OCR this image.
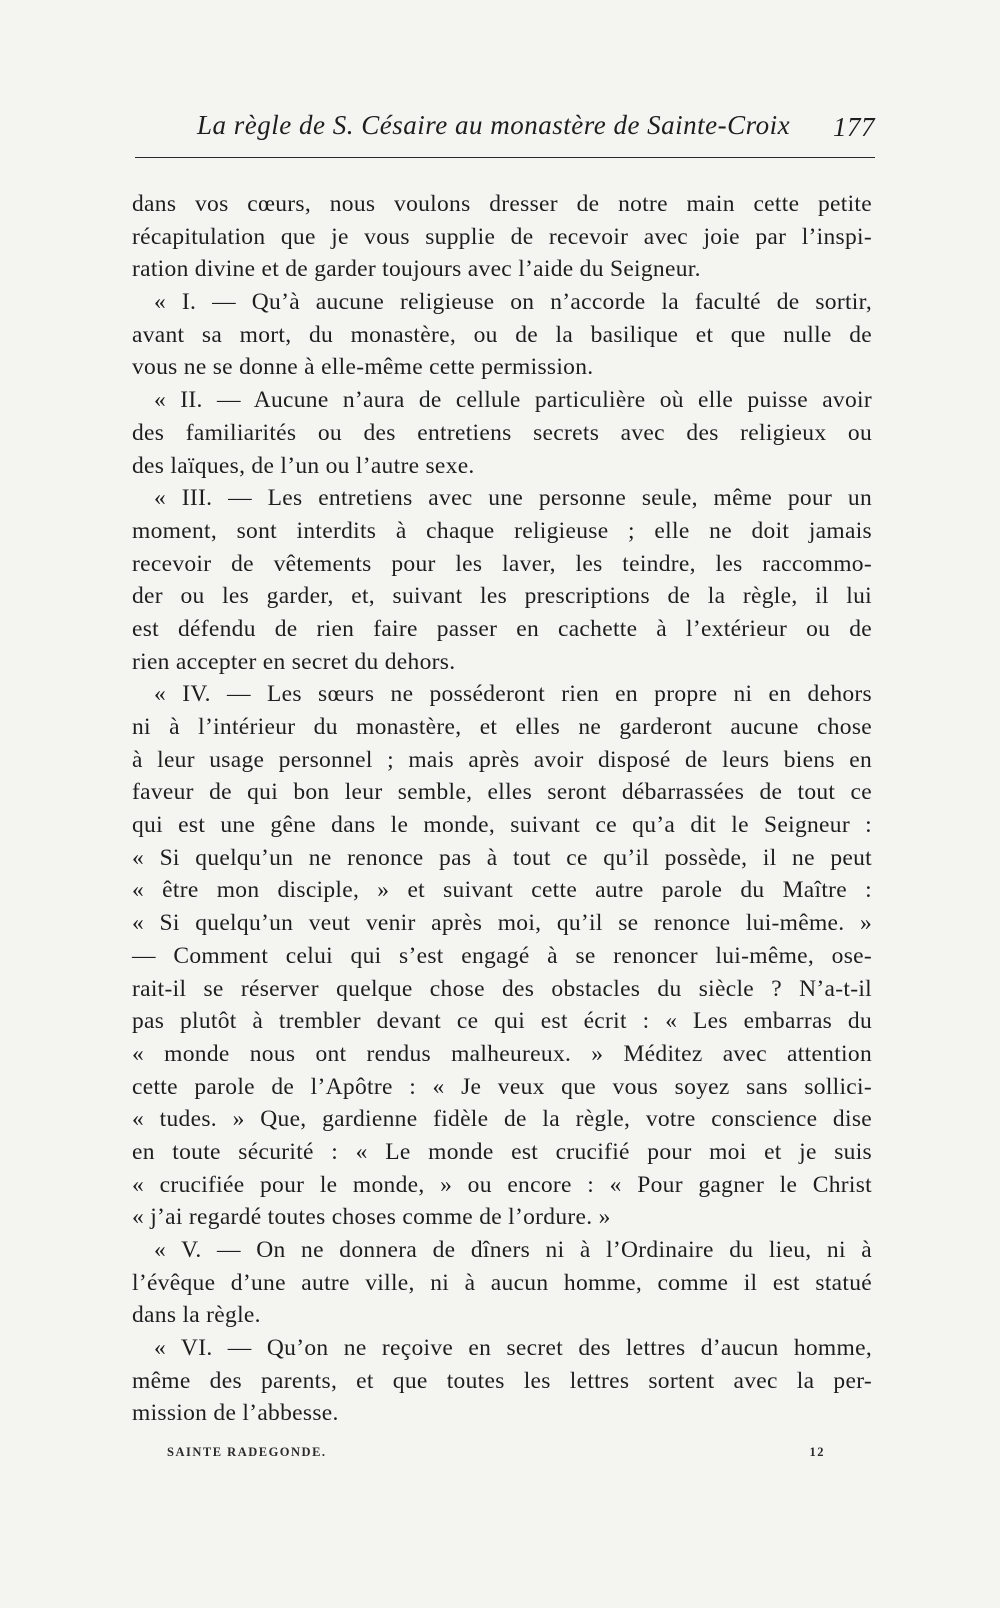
La règle de S. Césaire au monastère de Sainte-Croix 177
dans vos cœurs, nous voulons dresser de notre main cette petite
récapitulation que je vous supplie de recevoir avec joie par l’inspi-
ration divine et de garder toujours avec l’aide du Seigneur.
« I. — Qu’à aucune religieuse on n’accorde la faculté de sortir,
avant sa mort, du monastère, ou de la basilique et que nulle de
vous ne se donne à elle-même cette permission.
« II. — Aucune n’aura de cellule particulière où elle puisse avoir
des familiarités ou des entretiens secrets avec des religieux ou
des laïques, de l’un ou l’autre sexe.
« III. — Les entretiens avec une personne seule, même pour un
moment, sont interdits à chaque religieuse ; elle ne doit jamais
recevoir de vêtements pour les laver, les teindre, les raccommo-
der ou les garder, et, suivant les prescriptions de la règle, il lui
est défendu de rien faire passer en cachette à l’extérieur ou de
rien accepter en secret du dehors.
« IV. — Les sœurs ne posséderont rien en propre ni en dehors
ni à l’intérieur du monastère, et elles ne garderont aucune chose
à leur usage personnel ; mais après avoir disposé de leurs biens en
faveur de qui bon leur semble, elles seront débarrassées de tout ce
qui est une gêne dans le monde, suivant ce qu’a dit le Seigneur :
« Si quelqu’un ne renonce pas à tout ce qu’il possède, il ne peut
« être mon disciple, » et suivant cette autre parole du Maître :
« Si quelqu’un veut venir après moi, qu’il se renonce lui-même. »
— Comment celui qui s’est engagé à se renoncer lui-même, ose-
rait-il se réserver quelque chose des obstacles du siècle ? N’a-t-il
pas plutôt à trembler devant ce qui est écrit : « Les embarras du
« monde nous ont rendus malheureux. » Méditez avec attention
cette parole de l’Apôtre : « Je veux que vous soyez sans sollici-
« tudes. » Que, gardienne fidèle de la règle, votre conscience dise
en toute sécurité : « Le monde est crucifié pour moi et je suis
« crucifiée pour le monde, » ou encore : « Pour gagner le Christ
« j’ai regardé toutes choses comme de l’ordure. »
« V. — On ne donnera de dîners ni à l’Ordinaire du lieu, ni à
l’évêque d’une autre ville, ni à aucun homme, comme il est statué
dans la règle.
« VI. — Qu’on ne reçoive en secret des lettres d’aucun homme,
même des parents, et que toutes les lettres sortent avec la per-
mission de l’abbesse.
SAINTE RADEGONDE.	12
